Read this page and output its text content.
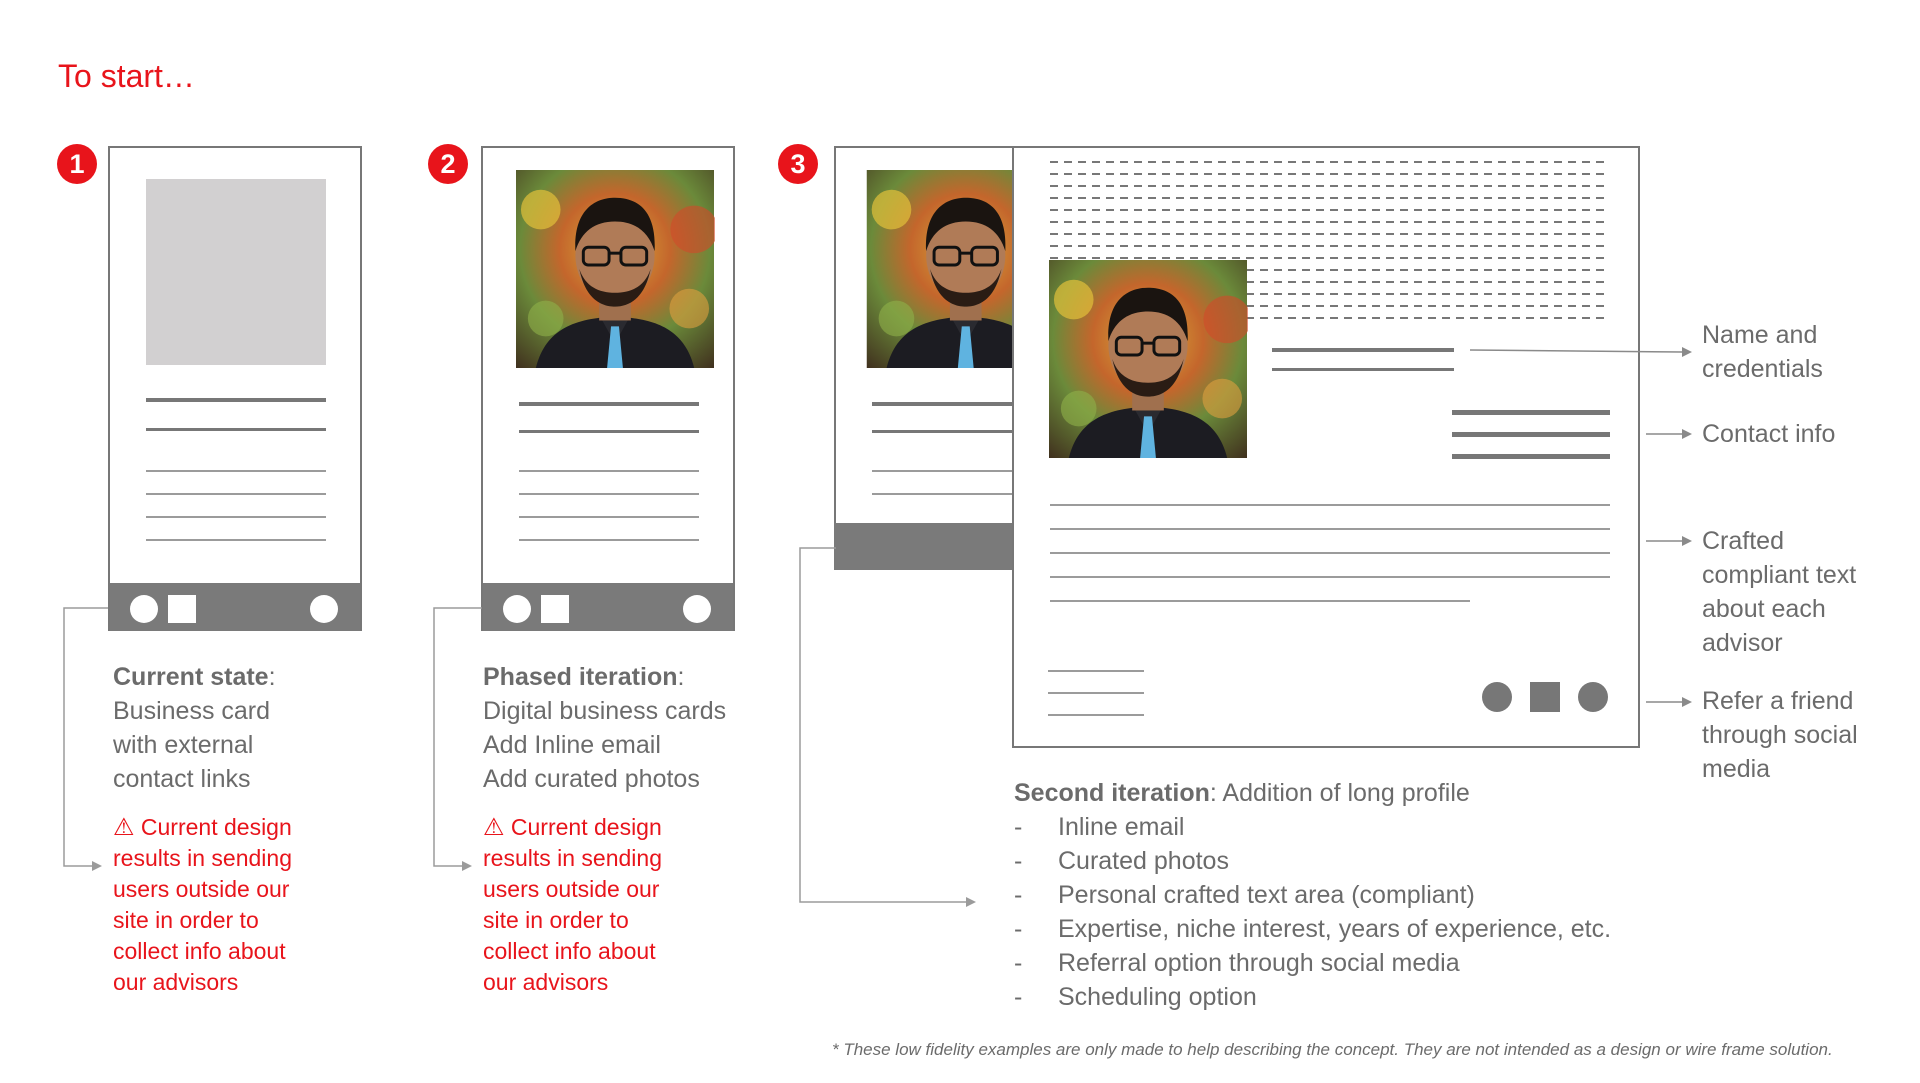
To start…
1
Current state:
Business card
with external
contact links
⚠ Current design
results in sending
users outside our
site in order to
collect info about
our advisors
2
Phased iteration:
Digital business cards
Add Inline email
Add curated photos
⚠ Current design
results in sending
users outside our
site in order to
collect info about
our advisors
3
Name and credentials
Contact info
Crafted compliant text about each advisor
Refer a friend through social media
Second iteration: Addition of long profile
- Inline email
- Curated photos
- Personal crafted text area (compliant)
- Expertise, niche interest, years of experience, etc.
- Referral option through social media
- Scheduling option
* These low fidelity examples are only made to help describing the concept. They are not intended as a design or wire frame solution.
